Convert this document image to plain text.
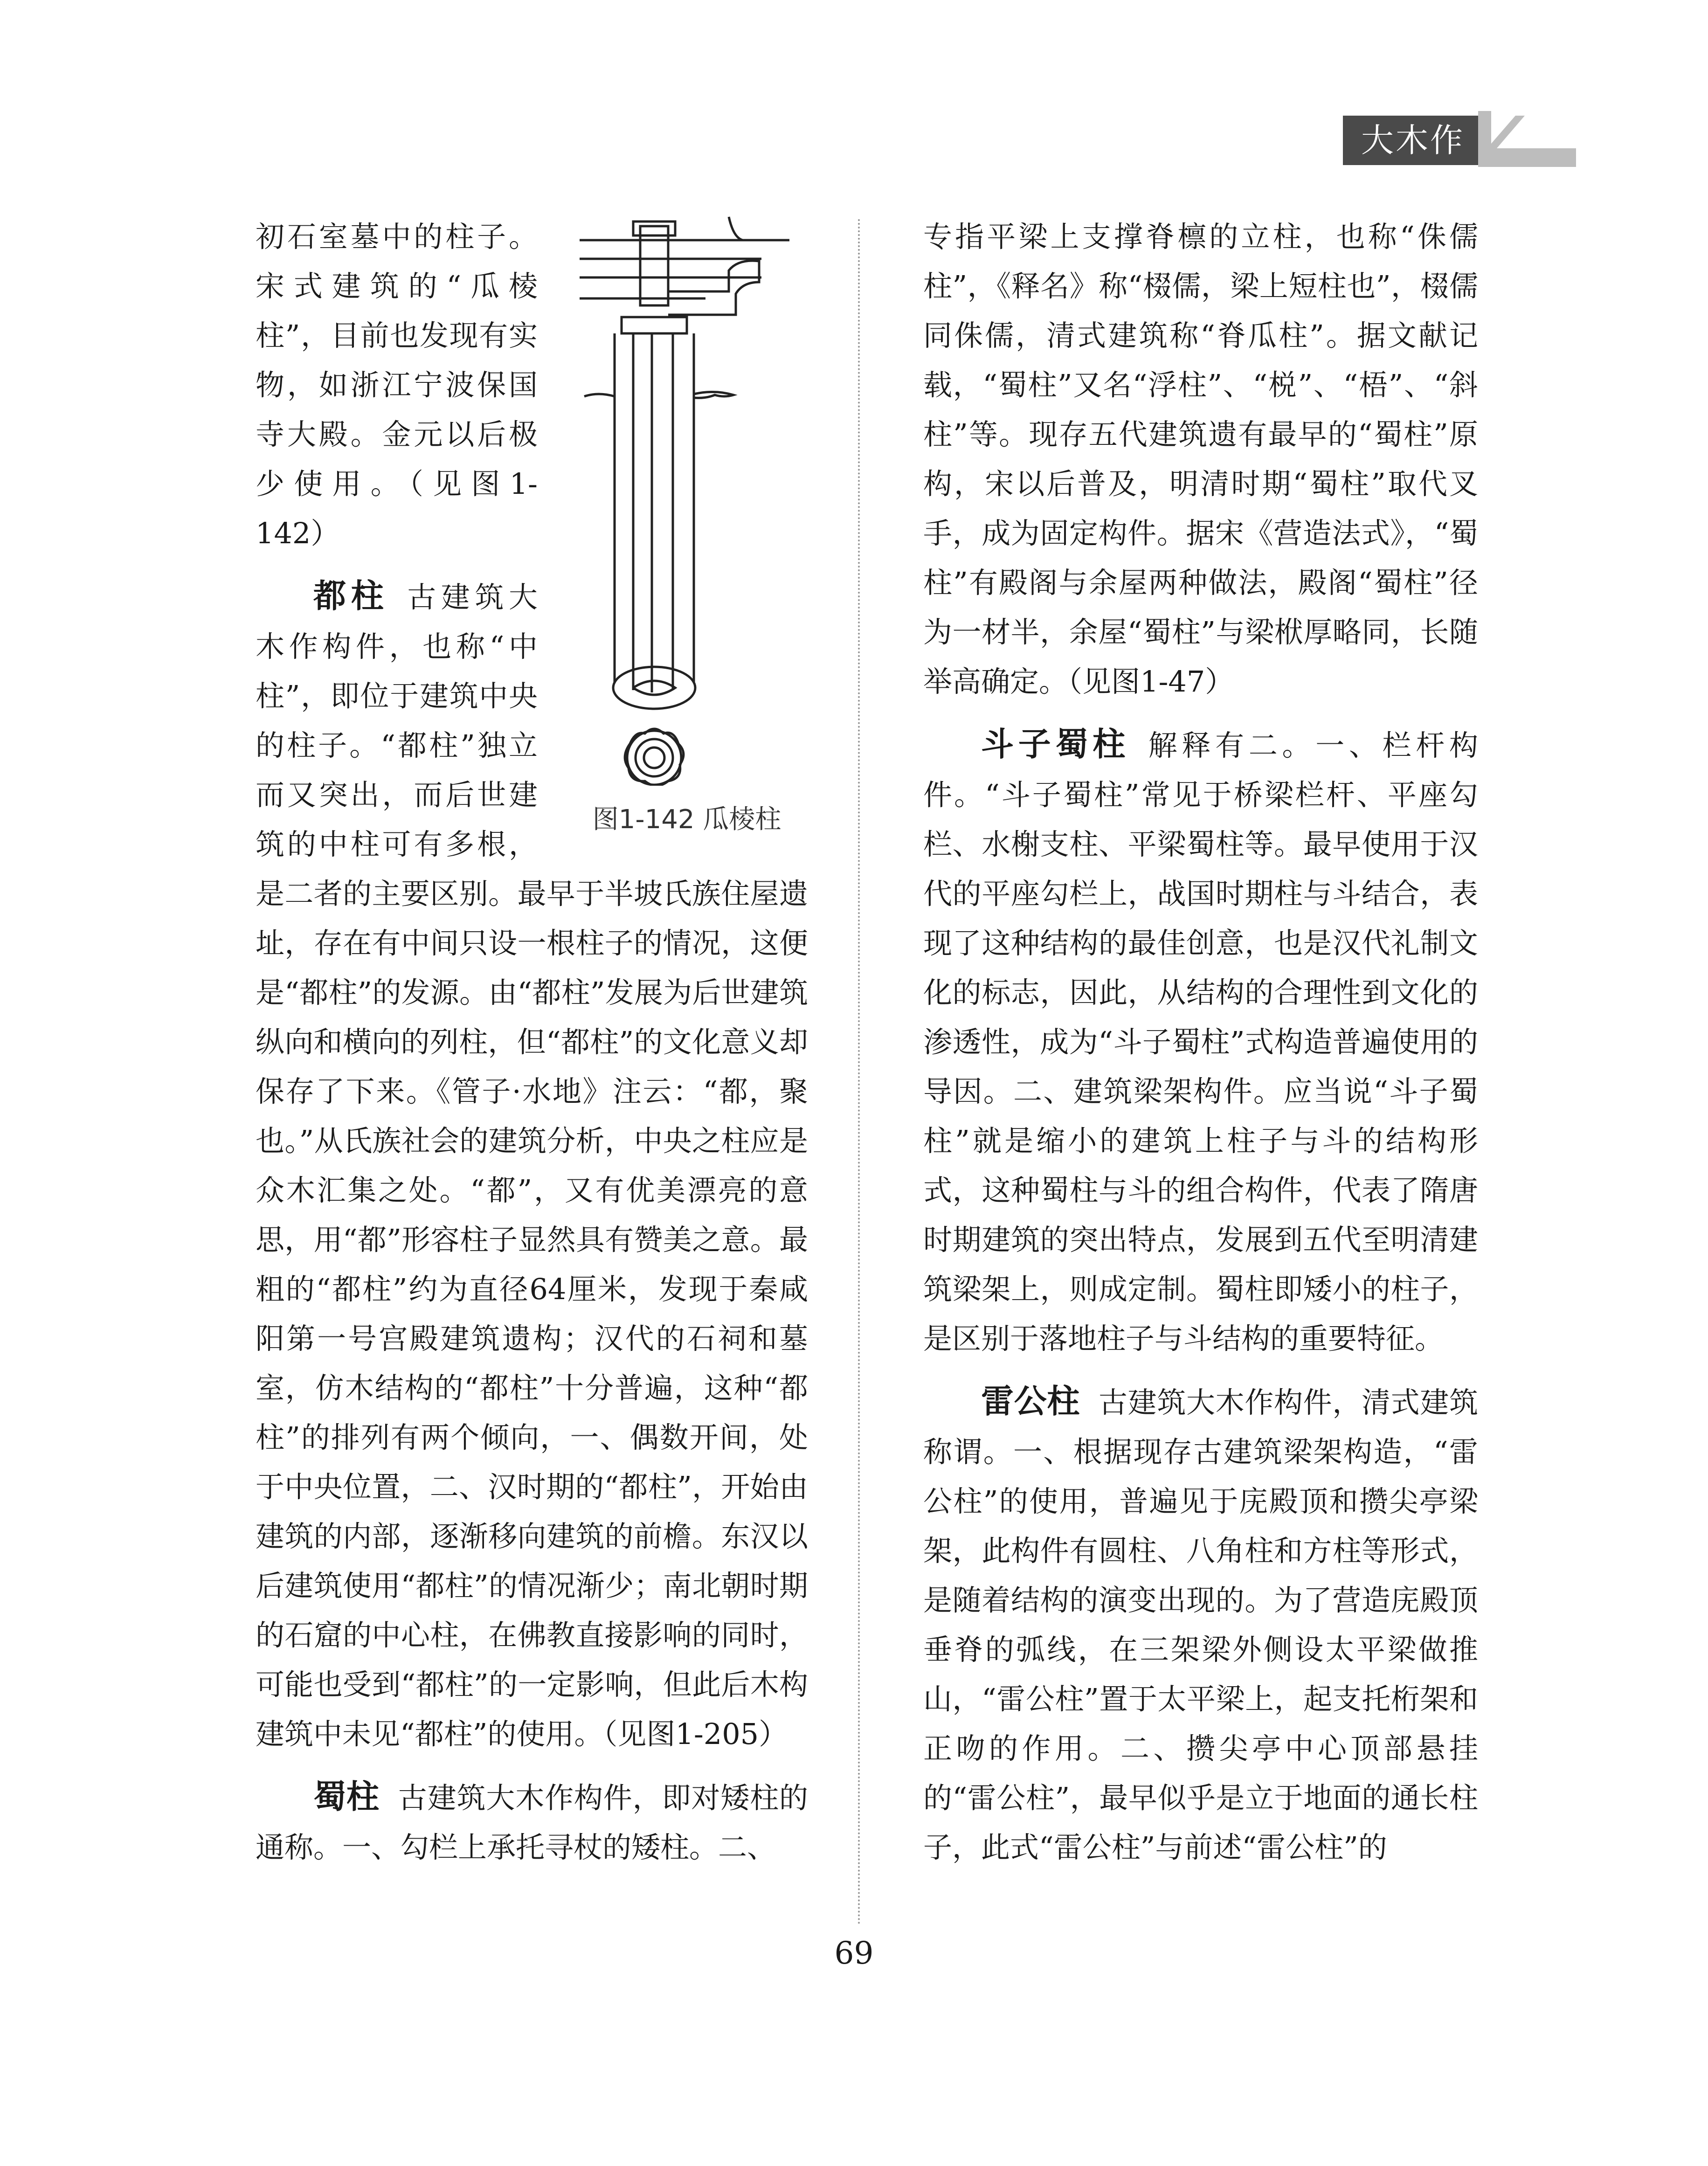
大木作
图1-142 瓜棱柱

初石室墓中的柱子。宋式建筑的“瓜棱柱”，目前也发现有实物，如浙江宁波保国寺大殿。金元以后极少使用。（见图1-142）

都柱 古建筑大木作构件，也称“中柱”，即位于建筑中央的柱子。“都柱”独立而又突出，而后世建筑的中柱可有多根，是二者的主要区别。最早于半坡氏族住屋遗址，存在有中间只设一根柱子的情况，这便是“都柱”的发源。由“都柱”发展为后世建筑纵向和横向的列柱，但“都柱”的文化意义却保存了下来。《管子·水地》注云：“都，聚也。”从氏族社会的建筑分析，中央之柱应是众木汇集之处。“都”，又有优美漂亮的意思，用“都”形容柱子显然具有赞美之意。最粗的“都柱”约为直径64厘米，发现于秦咸阳第一号宫殿建筑遗构；汉代的石祠和墓室，仿木结构的“都柱”十分普遍，这种“都柱”的排列有两个倾向，一、偶数开间，处于中央位置，二、汉时期的“都柱”，开始由建筑的内部，逐渐移向建筑的前檐。东汉以后建筑使用“都柱”的情况渐少；南北朝时期的石窟的中心柱，在佛教直接影响的同时，可能也受到“都柱”的一定影响，但此后木构建筑中未见“都柱”的使用。（见图1-205）

蜀柱 古建筑大木作构件，即对矮柱的通称。一、勾栏上承托寻杖的矮柱。二、

专指平梁上支撑脊檩的立柱，也称“侏儒柱”，《释名》称“棳儒，梁上短柱也”，棳儒同侏儒，清式建筑称“脊瓜柱”。据文献记载，“蜀柱”又名“浮柱”、“棁”、“梧”、“斜柱”等。现存五代建筑遗有最早的“蜀柱”原构，宋以后普及，明清时期“蜀柱”取代叉手，成为固定构件。据宋《营造法式》，“蜀柱”有殿阁与余屋两种做法，殿阁“蜀柱”径为一材半，余屋“蜀柱”与梁栿厚略同，长随举高确定。（见图1-47）

斗子蜀柱 解释有二。一、栏杆构件。“斗子蜀柱”常见于桥梁栏杆、平座勾栏、水榭支柱、平梁蜀柱等。最早使用于汉代的平座勾栏上，战国时期柱与斗结合，表现了这种结构的最佳创意，也是汉代礼制文化的标志，因此，从结构的合理性到文化的渗透性，成为“斗子蜀柱”式构造普遍使用的导因。二、建筑梁架构件。应当说“斗子蜀柱”就是缩小的建筑上柱子与斗的结构形式，这种蜀柱与斗的组合构件，代表了隋唐时期建筑的突出特点，发展到五代至明清建筑梁架上，则成定制。蜀柱即矮小的柱子，是区别于落地柱子与斗结构的重要特征。

雷公柱 古建筑大木作构件，清式建筑称谓。一、根据现存古建筑梁架构造，“雷公柱”的使用，普遍见于庑殿顶和攒尖亭梁架，此构件有圆柱、八角柱和方柱等形式，是随着结构的演变出现的。为了营造庑殿顶垂脊的弧线，在三架梁外侧设太平梁做推山，“雷公柱”置于太平梁上，起支托桁架和正吻的作用。二、攒尖亭中心顶部悬挂的“雷公柱”，最早似乎是立于地面的通长柱子，此式“雷公柱”与前述“雷公柱”的

69
